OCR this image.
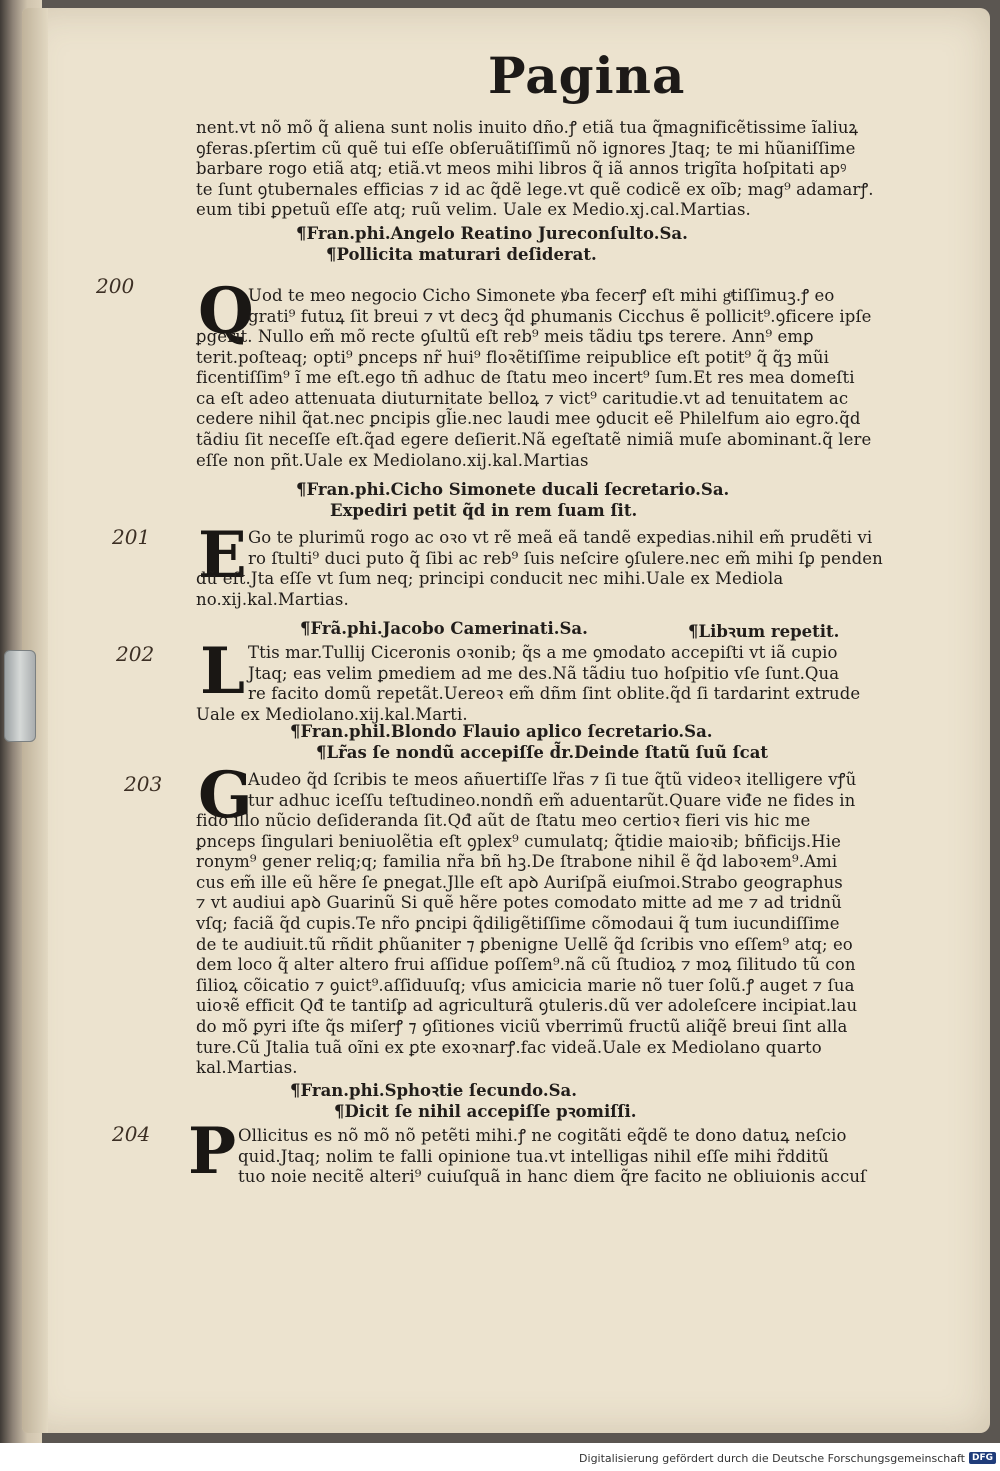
Pagina
nent.vt nõ mõ q̃ aliena sunt nolis inuito dño.ꝭ etiã tua q̃magnificẽtissime ĩaliuꝝ
ꝯferas.pſertim cũ quẽ tui eſſe obſeruãtiſſimũ nõ ignores Jtaq; te mi hũaniſſime
barbare rogo etiã atq; etiã.vt meos mihi libros q̃ iã annos trigĩta hoſpitati apꝰ
te ſunt ꝯtubernales efficias ⁊ id ac q̃dẽ lege.vt quẽ codicẽ ex oĩb; mag⁹ adamarꝭ.
eum tibi ꝑpetuũ eſſe atq; ruũ velim. Uale ex Medio.xj.cal.Martias.
¶Fran.phi.Angelo Reatino Jureconſulto.Sa.
¶Pollicita maturari deſiderat.
200 Q
Uod te meo negocio Cicho Simonete ꝟba fecerꝭ eſt mihi gͣtiſſimuꝫ.ꝭ eo
grati⁹ futuꝝ ſit breui ⁊ vt decꝫ q̃d ꝑhumanis Cicchus ẽ pollicit⁹.ꝯficere ipſe
ꝑgerit. Nullo em̃ mõ recte ꝯſultũ eſt reb⁹ meis tãdiu tꝑs terere. Ann⁹ emꝑ
terit.poſteaq; opti⁹ ꝑnceps nr̃ hui⁹ floꝛẽtiſſime reipublice eſt potit⁹ q̃ q̃ꝫ mũi
ficentiſſim⁹ ĩ me eſt.ego tñ adhuc de ſtatu meo incert⁹ ſum.Et res mea domeſti
ca eſt adeo attenuata diuturnitate belloꝝ ⁊ vict⁹ caritudie.vt ad tenuitatem ac
cedere nihil q̃at.nec ꝑncipis gl̃ie.nec laudi mee ꝯducit eẽ Philelfum aio egro.q̃d
tãdiu ſit neceſſe eſt.q̃ad egere deſierit.Nã egeſtatẽ nimiã muſe abominant.q̃ lere
eſſe non pñt.Uale ex Mediolano.xij.kal.Martias
¶Fran.phi.Cicho Simonete ducali ſecretario.Sa.
Expediri petit q̃d in rem ſuam ſit.
201 E Go te plurimũ rogo ac oꝛo vt rẽ meã eã tandẽ expedias.nihil em̃ prudẽti vi
ro ſtulti⁹ duci puto q̃ ſibi ac reb⁹ ſuis neſcire ꝯſulere.nec em̃ mihi ſꝑ penden
dũ eſt.Jta eſſe vt ſum neq; principi conducit nec mihi.Uale ex Mediola
no.xij.kal.Martias.
¶Frã.phi.Jacobo Camerinati.Sa.	¶Libꝛum repetit.
202 L Ttis mar.Tullij Ciceronis oꝛonib; q̃s a me ꝯmodato accepiſti vt iã cupio
Jtaq; eas velim ꝑmediem ad me des.Nã tãdiu tuo hoſpitio vſe ſunt.Qua
re facito domũ repetãt.Uereoꝛ em̃ dñm ſint oblite.q̃d ſi tardarint extrude
Uale ex Mediolano.xij.kal.Marti.
¶Fran.phil.Blondo Flauio aplico ſecretario.Sa.
¶Lr̃as ſe nondũ accepiſſe d̃r.Deinde ſtatũ ſuũ ſcat
203 G
Audeo q̃d ſcribis te meos añuertiſſe lr̃as ⁊ ſi tue q̃tũ videoꝛ itelligere vꝭũ
tur adhuc iceſſu teſtudineo.nondñ em̃ aduentarũt.Quare viđe ne fides in
fido illo nũcio deſideranda ſit.Qđ aũt de ſtatu meo certioꝛ fieri vis hic me
ꝑnceps ſingulari beniuolẽtia eſt ꝯplex⁹ cumulatq; q̃tidie maioꝛib; bñficijs.Hie
ronym⁹ gener reliq;q; familia nr̃a bñ hꝫ.De ſtrabone nihil ẽ q̃d laboꝛem⁹.Ami
cus em̃ ille eũ hẽre ſe ꝑnegat.Jlle eſt apꝺ Auriſpã eiuſmoi.Strabo geographus
⁊ vt audiui apꝺ Guarinũ Si quẽ hẽre potes comodato mitte ad me ⁊ ad tridnũ
vſq; faciã q̃d cupis.Te nr̃o ꝑncipi q̃diligẽtiſſime cõmodaui q̃ tum iucundiſſime
de te audiuit.tũ rñdit ꝑhũaniter ⁊ ꝑbenigne Uellẽ q̃d ſcribis vno eſſem⁹ atq; eo
dem loco q̃ alter altero frui aſſidue poſſem⁹.nã cũ ſtudioꝝ ⁊ moꝝ ſilitudo tũ con
ſilioꝝ cõicatio ⁊ ꝯuict⁹.aſſiduuſq; vſus amicicia marie nõ tuer ſolũ.ꝭ auget ⁊ ſua
uioꝛẽ efficit Qđ te tantiſꝑ ad agriculturã ꝯtuleris.dũ ver adoleſcere incipiat.lau
do mõ ꝑyri iſte q̃s miſerꝭ ⁊ ꝯſitiones viciũ vberrimũ fructũ aliq̃ẽ breui ſint alla
ture.Cũ Jtalia tuã oĩni ex ꝑte exoꝛnarꝭ.fac videã.Uale ex Mediolano quarto
kal.Martias.
¶Fran.phi.Sphoꝛtie ſecundo.Sa.
¶Dicit ſe nihil accepiſſe pꝛomiſſi.
204 P Ollicitus es nõ mõ nõ petẽti mihi.ꝭ ne cogitãti eq̃dẽ te dono datuꝝ neſcio
quid.Jtaq; nolim te falli opinione tua.vt intelligas nihil eſſe mihi r̃dditũ
tuo noie necitẽ alteri⁹ cuiuſquã in hanc diem q̃re facito ne obliuionis accuſ
Digitalisierung gefördert durch die Deutsche Forschungsgemeinschaft DFG
